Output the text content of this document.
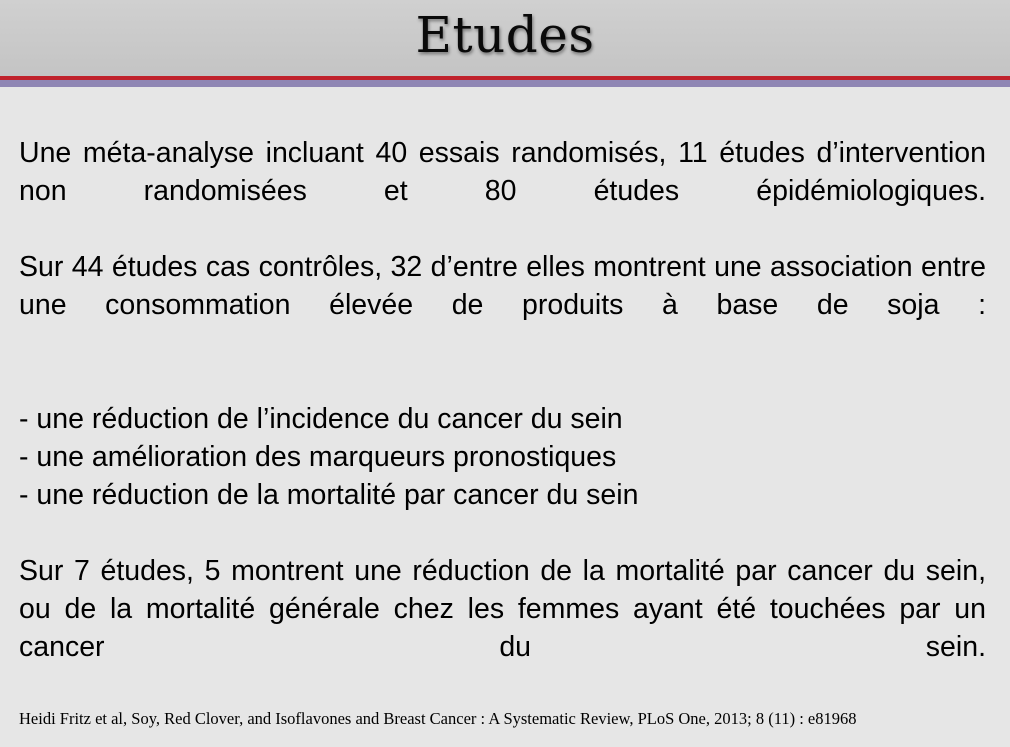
Etudes

Une méta-analyse incluant 40 essais randomisés, 11 études d’intervention non randomisées et 80 études épidémiologiques.

Sur 44 études cas contrôles, 32 d’entre elles montrent une association entre une consommation élevée de produits à base de soja :

- une réduction de l’incidence du cancer du sein
- une amélioration des marqueurs pronostiques
- une réduction de la mortalité par cancer du sein

Sur 7 études, 5 montrent une réduction de la mortalité par cancer du sein, ou de la mortalité générale chez les femmes ayant été touchées par un cancer du sein.

Heidi Fritz et al, Soy, Red Clover, and Isoflavones and Breast Cancer : A Systematic Review, PLoS One, 2013; 8 (11) : e81968
